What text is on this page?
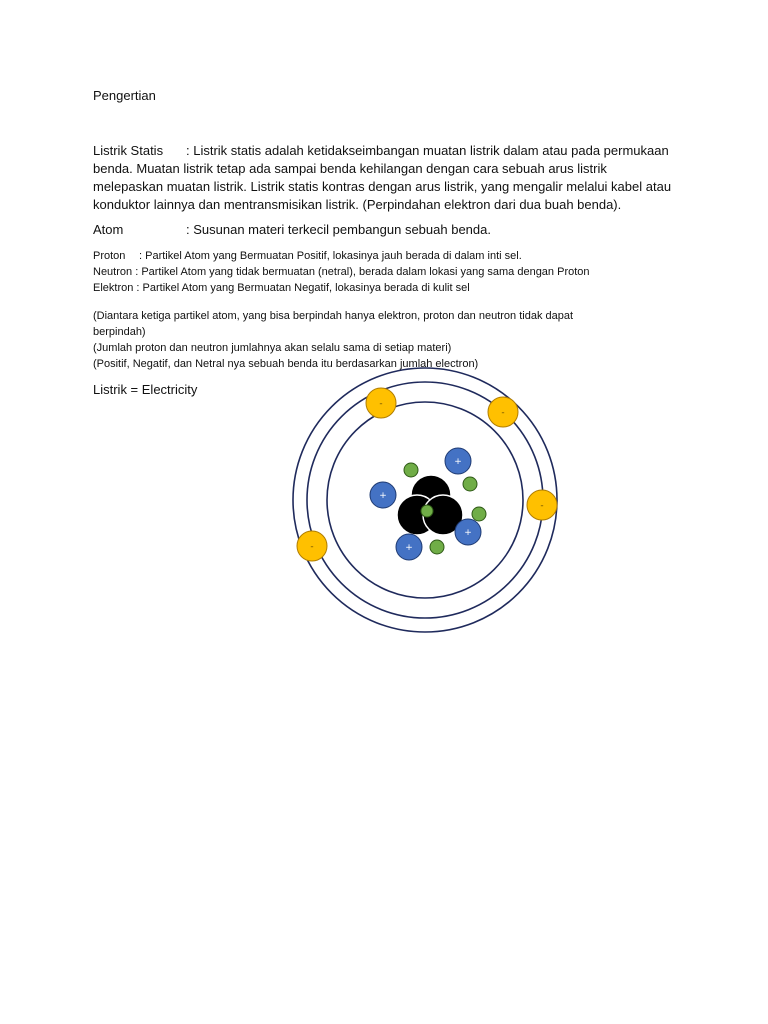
Pengertian
Listrik Statis : Listrik statis adalah ketidakseimbangan muatan listrik dalam atau pada permukaan
benda. Muatan listrik tetap ada sampai benda kehilangan dengan cara sebuah arus listrik
melepaskan muatan listrik. Listrik statis kontras dengan arus listrik, yang mengalir melalui kabel atau
konduktor lainnya dan mentransmisikan listrik. (Perpindahan elektron dari dua buah benda).
Atom	: Susunan materi terkecil pembangun sebuah benda.
Proton : Partikel Atom yang Bermuatan Positif, lokasinya jauh berada di dalam inti sel.
Neutron : Partikel Atom yang tidak bermuatan (netral), berada dalam lokasi yang sama dengan Proton
Elektron : Partikel Atom yang Bermuatan Negatif, lokasinya berada di kulit sel
(Diantara ketiga partikel atom, yang bisa berpindah hanya elektron, proton dan neutron tidak dapat
berpindah)
(Jumlah proton dan neutron jumlahnya akan selalu sama di setiap materi)
(Positif, Negatif, dan Netral nya sebuah benda itu berdasarkan jumlah electron)
Listrik = Electricity
+
+
+
+
-
-
-
-
